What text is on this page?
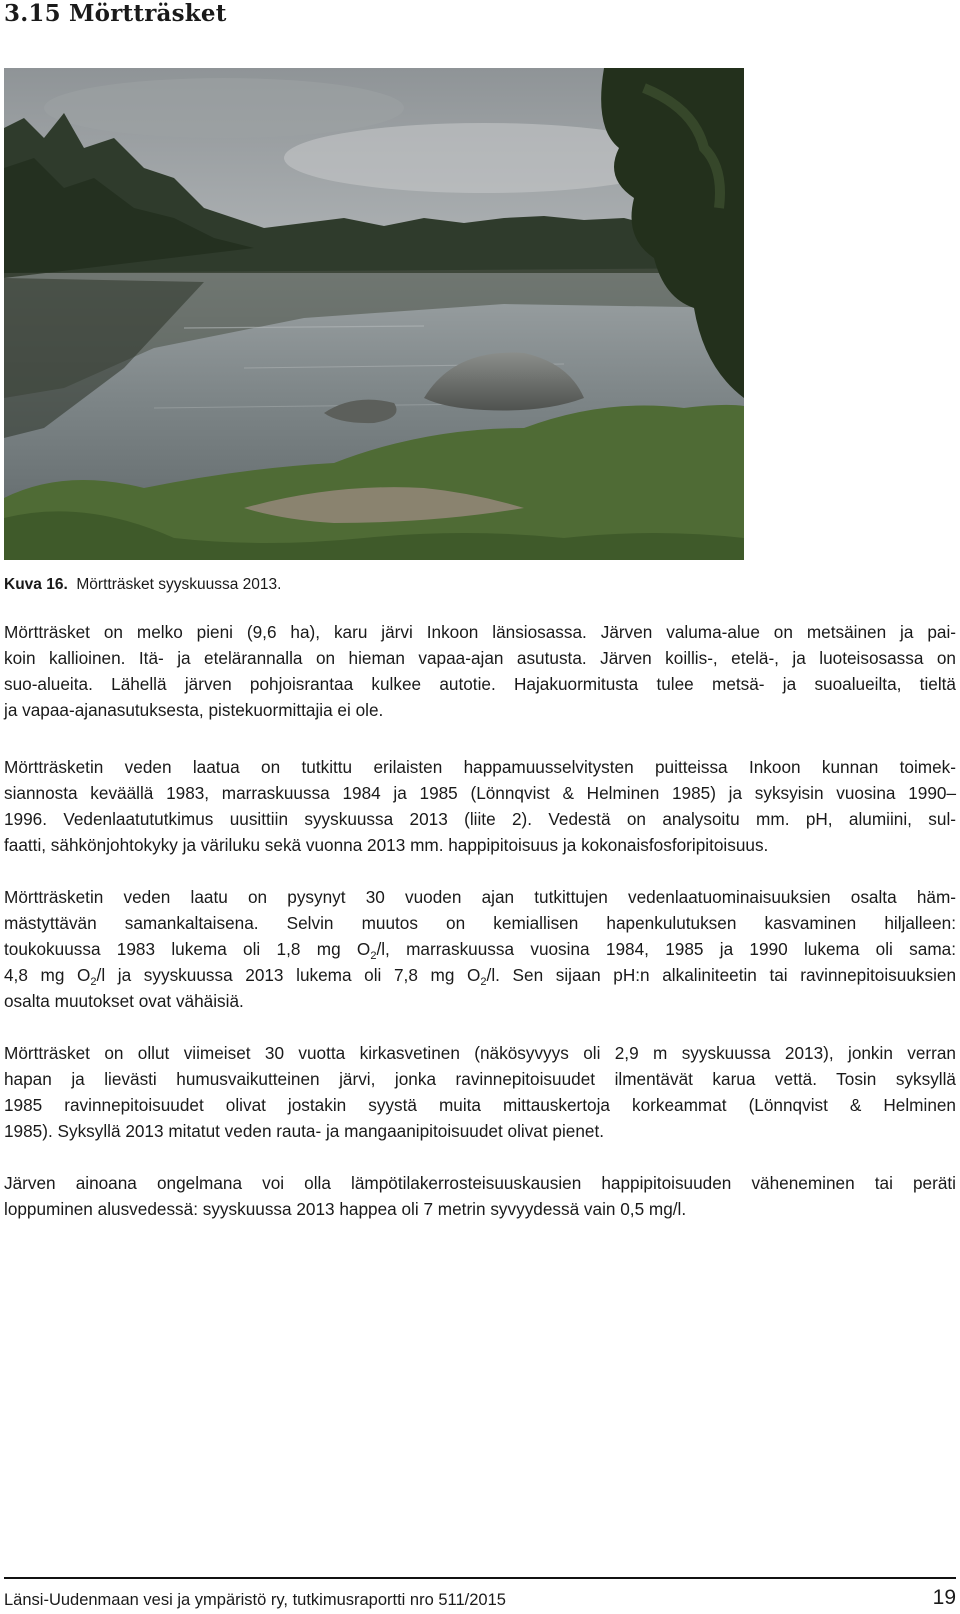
3.15 Mörtträsket
Kuva 16. Mörtträsket syyskuussa 2013.

Mörtträsket on melko pieni (9,6 ha), karu järvi Inkoon länsiosassa. Järven valuma-alue on metsäinen ja pai-
koin kallioinen. Itä- ja etelärannalla on hieman vapaa-ajan asutusta. Järven koillis-, etelä-, ja luoteisosassa on
suo-alueita. Lähellä järven pohjoisrantaa kulkee autotie. Hajakuormitusta tulee metsä- ja suoalueilta, tieltä
ja vapaa-ajanasutuksesta, pistekuormittajia ei ole.

Mörtträsketin veden laatua on tutkittu erilaisten happamuusselvitysten puitteissa Inkoon kunnan toimek-
siannosta keväällä 1983, marraskuussa 1984 ja 1985 (Lönnqvist & Helminen 1985) ja syksyisin vuosina 1990–
1996. Vedenlaatututkimus uusittiin syyskuussa 2013 (liite 2). Vedestä on analysoitu mm. pH, alumiini, sul-
faatti, sähkönjohtokyky ja väriluku sekä vuonna 2013 mm. happipitoisuus ja kokonaisfosforipitoisuus.

Mörtträsketin veden laatu on pysynyt 30 vuoden ajan tutkittujen vedenlaatuominaisuuksien osalta häm-
mästyttävän samankaltaisena. Selvin muutos on kemiallisen hapenkulutuksen kasvaminen hiljalleen:
toukokuussa 1983 lukema oli 1,8 mg $O_2/l$, marraskuussa vuosina 1984, 1985 ja 1990 lukema oli sama:
4,8 mg $O_2/l$ ja syyskuussa 2013 lukema oli 7,8 mg $O_2/l$. Sen sijaan pH:n alkaliniteetin tai ravinnepitoisuuksien
osalta muutokset ovat vähäisiä.

Mörtträsket on ollut viimeiset 30 vuotta kirkasvetinen (näkösyvyys oli 2,9 m syyskuussa 2013), jonkin verran
hapan ja lievästi humusvaikutteinen järvi, jonka ravinnepitoisuudet ilmentävät karua vettä. Tosin syksyllä
1985 ravinnepitoisuudet olivat jostakin syystä muita mittauskertoja korkeammat (Lönnqvist & Helminen
1985). Syksyllä 2013 mitatut veden rauta- ja mangaanipitoisuudet olivat pienet.

Järven ainoana ongelmana voi olla lämpötilakerrosteisuuskausien happipitoisuuden väheneminen tai peräti
loppuminen alusvedessä: syyskuussa 2013 happea oli 7 metrin syvyydessä vain 0,5 mg/l.

Länsi-Uudenmaan vesi ja ympäristö ry, tutkimusraportti nro 511/2015	19
